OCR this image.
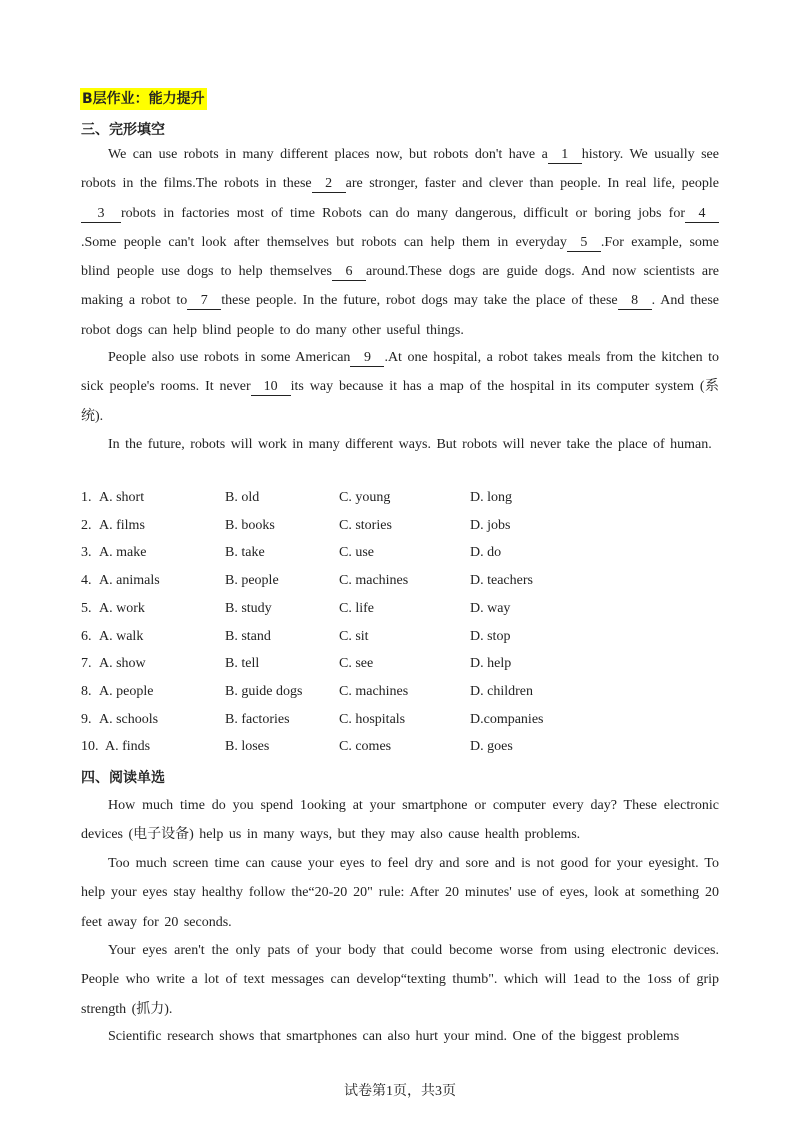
B层作业：能力提升
三、完形填空
We can use robots in many different places now, but robots don't have a 1 history. We usually see robots in the films.The robots in these 2 are stronger, faster and clever than people. In real life, people3 robots in factories most of time Robots can do many dangerous, difficult or boring jobs for 4.Some people can't look after themselves but robots can help them in everyday 5 .For example, some blind people use dogs to help themselves 6 around.These dogs are guide dogs. And now scientists are making a robot to 7 these people. In the future, robot dogs may take the place of these 8 . And these robot dogs can help blind people to do many other useful things.
People also use robots in some American 9 .At one hospital, a robot takes meals from the kitchen to sick people's rooms. It never 10 its way because it has a map of the hospital in its computer system (系统).
In the future, robots will work in many different ways. But robots will never take the place of human.
1. A. short	B. old	C. young	D. long
2. A. films	B. books	C. stories	D. jobs
3. A. make	B. take	C. use	D. do
4. A. animals	B. people	C. machines	D. teachers
5. A. work	B. study	C. life	D. way
6. A. walk	B. stand	C. sit	D. stop
7. A. show	B. tell	C. see	D. help
8. A. people	B. guide dogs	C. machines	D. children
9. A. schools	B. factories	C. hospitals	D.companies
10. A. finds	B. loses	C. comes	D. goes
四、阅读单选
How much time do you spend 1ooking at your smartphone or computer every day? These electronic devices (电子设备) help us in many ways, but they may also cause health problems.
Too much screen time can cause your eyes to feel dry and sore and is not good for your eyesight. To help your eyes stay healthy follow the“20-20 20" rule: After 20 minutes' use of eyes, look at something 20 feet away for 20 seconds.
Your eyes aren't the only pats of your body that could become worse from using electronic devices. People who write a lot of text messages can develop“texting thumb". which will 1ead to the 1oss of grip strength (抓力).
Scientific research shows that smartphones can also hurt your mind. One of the biggest problems
试卷第1页，共3页
